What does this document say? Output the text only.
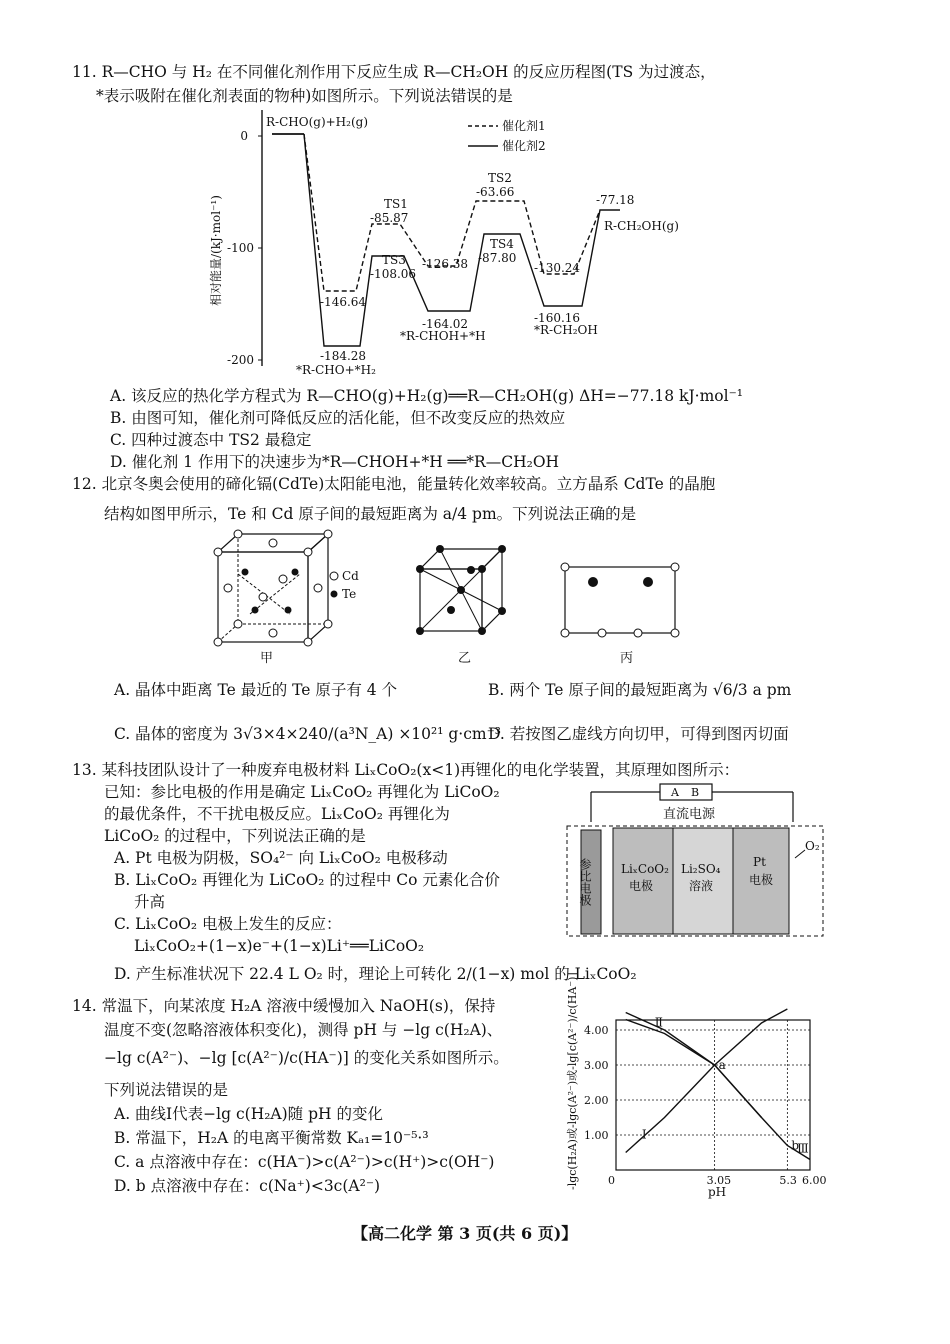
11. R—CHO 与 H₂ 在不同催化剂作用下反应生成 R—CH₂OH 的反应历程图(TS 为过渡态，
*表示吸附在催化剂表面的物种)如图所示。下列说法错误的是
0
-100
-200
相对能量/(kJ·mol⁻¹)
催化剂1
催化剂2
R-CHO(g)+H₂(g)
-146.64
-184.28
TS1
-85.87
TS3
-108.06
-126.38
-164.02
TS2
-63.66
TS4
-87.80
-130.24
-160.16
-77.18
R-CH₂OH(g)
*R-CHO+*H₂
*R-CHOH+*H	*R-CH₂OH
A. 该反应的热化学方程式为 R—CHO(g)+H₂(g)══R—CH₂OH(g) ΔH=−77.18 kJ·mol⁻¹
B. 由图可知，催化剂可降低反应的活化能，但不改变反应的热效应
C. 四种过渡态中 TS2 最稳定
D. 催化剂 1 作用下的决速步为*R—CHOH+*H ══*R—CH₂OH
12. 北京冬奥会使用的碲化镉(CdTe)太阳能电池，能量转化效率较高。立方晶系 CdTe 的晶胞
结构如图甲所示，Te 和 Cd 原子间的最短距离为 a/4 pm。下列说法正确的是
Cd
Te
甲	乙	丙
A. 晶体中距离 Te 最近的 Te 原子有 4 个	B. 两个 Te 原子间的最短距离为 √6/3 a pm
C. 晶体的密度为 3√3×4×240/(a³N_A) ×10²¹ g·cm⁻³
D. 若按图乙虚线方向切甲，可得到图丙切面
13. 某科技团队设计了一种废弃电极材料 LiₓCoO₂(x<1)再锂化的电化学装置，其原理如图所示：
已知：参比电极的作用是确定 LiₓCoO₂ 再锂化为 LiCoO₂
的最优条件，不干扰电极反应。LiₓCoO₂ 再锂化为
LiCoO₂ 的过程中，下列说法正确的是
A B
直流电源
参比电极 LiₓCoO₂
电极
Li₂SO₄
溶液
Pt
电极
O₂
A. Pt 电极为阴极，SO₄²⁻ 向 LiₓCoO₂ 电极移动
B. LiₓCoO₂ 再锂化为 LiCoO₂ 的过程中 Co 元素化合价
升高
C. LiₓCoO₂ 电极上发生的反应：
LiₓCoO₂+(1−x)e⁻+(1−x)Li⁺══LiCoO₂
D. 产生标准状况下 22.4 L O₂ 时，理论上可转化 2/(1−x) mol 的 LiₓCoO₂
14. 常温下，向某浓度 H₂A 溶液中缓慢加入 NaOH(s)，保持
温度不变(忽略溶液体积变化)，测得 pH 与 −lg c(H₂A)、
−lg c(A²⁻)、−lg [c(A²⁻)/c(HA⁻)] 的变化关系如图所示。
下列说法错误的是
A. 曲线Ⅰ代表−lg c(H₂A)随 pH 的变化
B. 常温下，H₂A 的电离平衡常数 Kₐ₁=10⁻⁵·³
C. a 点溶液中存在：c(HA⁻)>c(A²⁻)>c(H⁺)>c(OH⁻)
D. b 点溶液中存在：c(Na⁺)<3c(A²⁻)	-lgc(H₂A)或-lgc(A²⁻)或-lg[c(A²⁻)/c(HA⁻)]	0	3.05	5.3 6.00
1.00
2.00
3.00
4.00
Ⅰ
Ⅱ
Ⅲ
a
b
pH
【高二化学 第 3 页(共 6 页)】
